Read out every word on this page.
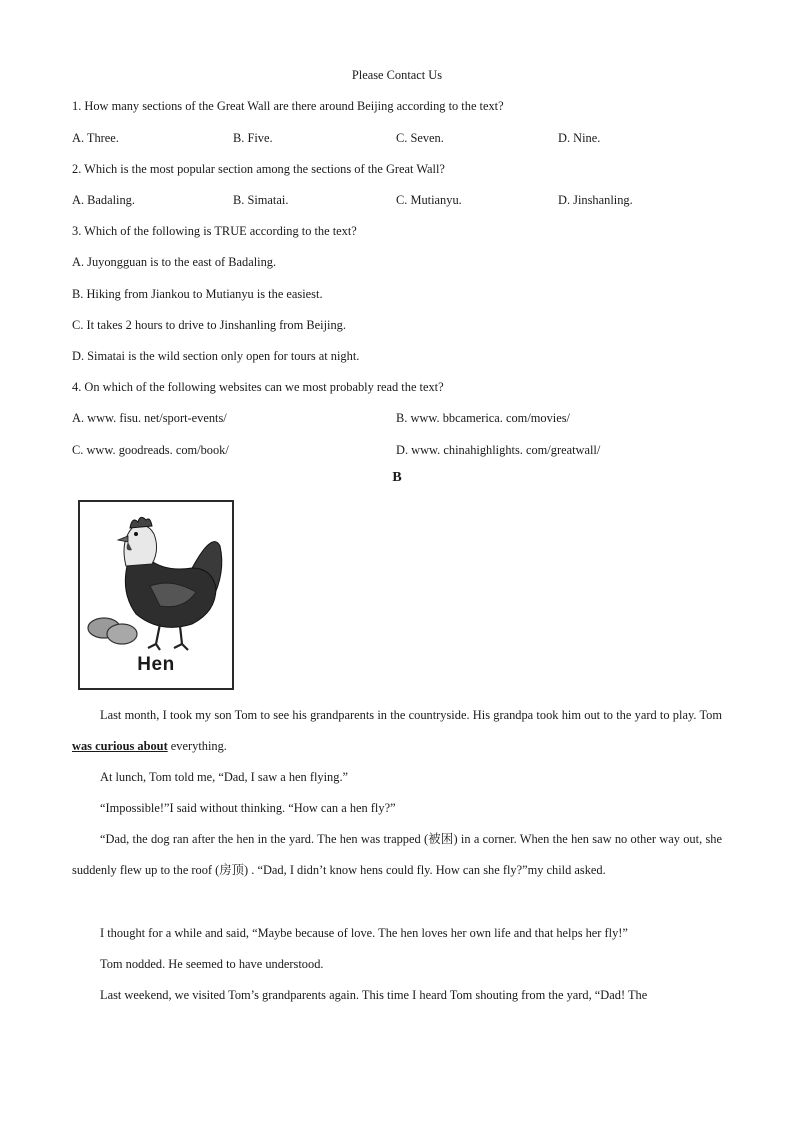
Please Contact Us
1. How many sections of the Great Wall are there around Beijing according to the text?
A. Three.	B. Five.	C. Seven.	D. Nine.
2. Which is the most popular section among the sections of the Great Wall?
A. Badaling.	B. Simatai.	C. Mutianyu.	D. Jinshanling.
3. Which of the following is TRUE according to the text?
A. Juyongguan is to the east of Badaling.
B. Hiking from Jiankou to Mutianyu is the easiest.
C. It takes 2 hours to drive to Jinshanling from Beijing.
D. Simatai is the wild section only open for tours at night.
4. On which of the following websites can we most probably read the text?
A. www. fisu. net/sport-events/	B. www. bbcamerica. com/movies/
C. www. goodreads. com/book/	D. www. chinahighlights. com/greatwall/
B
Hen
Last month, I took my son Tom to see his grandparents in the countryside. His grandpa took him out to the yard to play. Tom was curious about everything.
At lunch, Tom told me, “Dad, I saw a hen flying.”
“Impossible!”I said without thinking. “How can a hen fly?”
“Dad, the dog ran after the hen in the yard. The hen was trapped (被困) in a corner. When the hen saw no other way out, she suddenly flew up to the roof (房顶) . “Dad, I didn’t know hens could fly. How can she fly?”my child asked.
I thought for a while and said, “Maybe because of love. The hen loves her own life and that helps her fly!”
Tom nodded. He seemed to have understood.
Last weekend, we visited Tom’s grandparents again. This time I heard Tom shouting from the yard, “Dad! The
